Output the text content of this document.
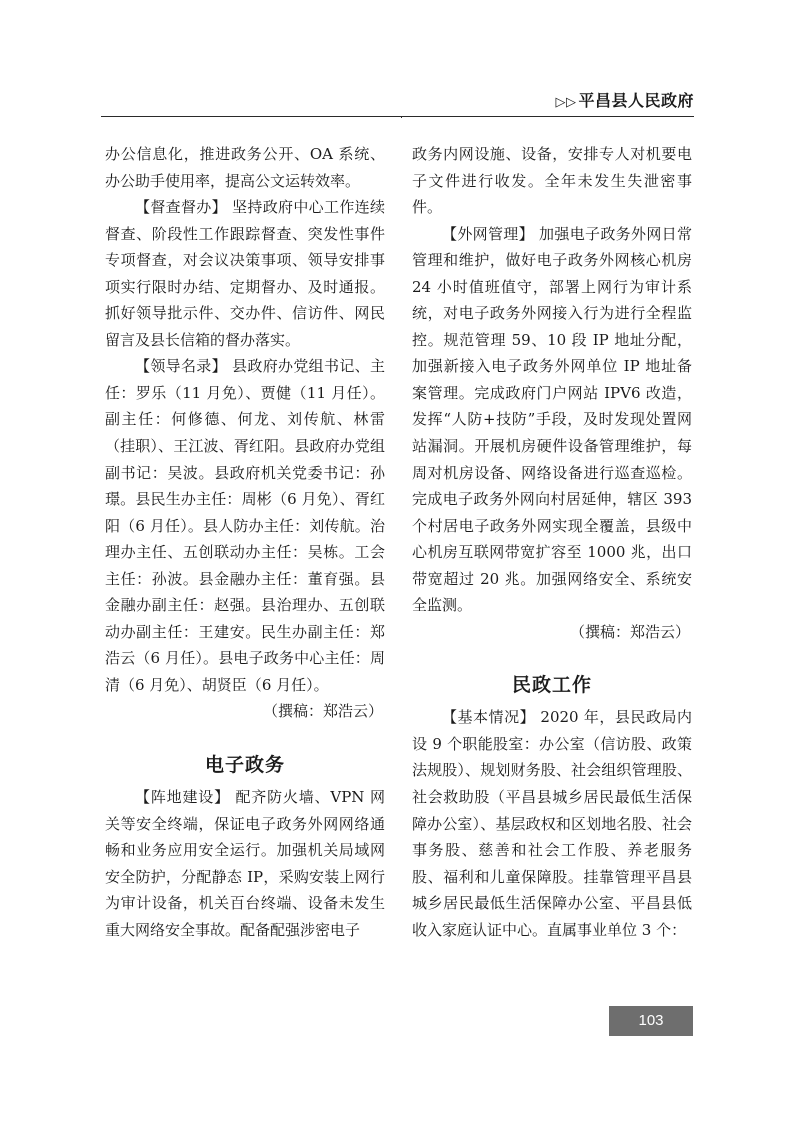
▷▷ 平昌县人民政府

办公信息化，推进政务公开、OA 系统、办公助手使用率，提高公文运转效率。

【督查督办】 坚持政府中心工作连续督查、阶段性工作跟踪督查、突发性事件专项督查，对会议决策事项、领导安排事项实行限时办结、定期督办、及时通报。抓好领导批示件、交办件、信访件、网民留言及县长信箱的督办落实。

【领导名录】 县政府办党组书记、主任：罗乐（11 月免）、贾健（11 月任）。副主任：何修德、何龙、刘传航、林雷（挂职）、王江波、胥红阳。县政府办党组副书记：吴波。县政府机关党委书记：孙璟。县民生办主任：周彬（6 月免）、胥红阳（6 月任）。县人防办主任：刘传航。治理办主任、五创联动办主任：吴栋。工会主任：孙波。县金融办主任：董育强。县金融办副主任：赵强。县治理办、五创联动办副主任：王建安。民生办副主任：郑浩云（6 月任）。县电子政务中心主任：周清（6 月免）、胡贤臣（6 月任）。

（撰稿：郑浩云）

电子政务

【阵地建设】 配齐防火墙、VPN 网关等安全终端，保证电子政务外网网络通畅和业务应用安全运行。加强机关局域网安全防护，分配静态 IP，采购安装上网行为审计设备，机关百台终端、设备未发生重大网络安全事故。配备配强涉密电子

政务内网设施、设备，安排专人对机要电子文件进行收发。全年未发生失泄密事件。

【外网管理】 加强电子政务外网日常管理和维护，做好电子政务外网核心机房 24 小时值班值守，部署上网行为审计系统，对电子政务外网接入行为进行全程监控。规范管理 59、10 段 IP 地址分配，加强新接入电子政务外网单位 IP 地址备案管理。完成政府门户网站 IPV6 改造，发挥“人防+技防”手段，及时发现处置网站漏洞。开展机房硬件设备管理维护，每周对机房设备、网络设备进行巡查巡检。完成电子政务外网向村居延伸，辖区 393 个村居电子政务外网实现全覆盖，县级中心机房互联网带宽扩容至 1000 兆，出口带宽超过 20 兆。加强网络安全、系统安全监测。

（撰稿：郑浩云）

民政工作

【基本情况】 2020 年，县民政局内设 9 个职能股室：办公室（信访股、政策法规股）、规划财务股、社会组织管理股、社会救助股（平昌县城乡居民最低生活保障办公室）、基层政权和区划地名股、社会事务股、慈善和社会工作股、养老服务股、福利和儿童保障股。挂靠管理平昌县城乡居民最低生活保障办公室、平昌县低收入家庭认证中心。直属事业单位 3 个：

103
